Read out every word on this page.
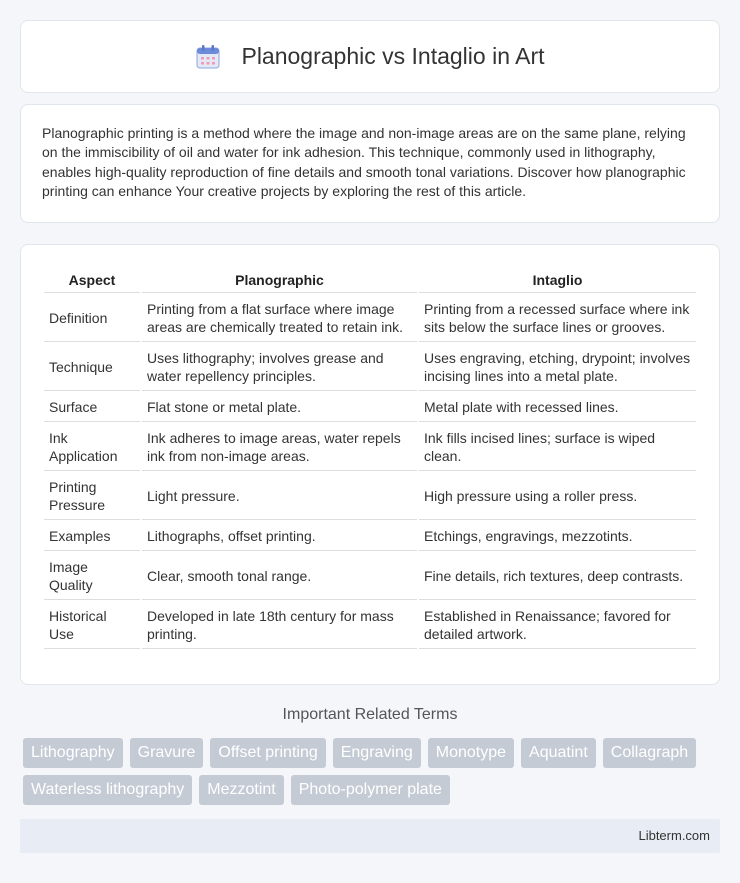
Planographic vs Intaglio in Art

Planographic printing is a method where the image and non-image areas are on the same plane, relying on the immiscibility of oil and water for ink adhesion. This technique, commonly used in lithography, enables high-quality reproduction of fine details and smooth tonal variations. Discover how planographic printing can enhance Your creative projects by exploring the rest of this article.

Aspect	Planographic	Intaglio
Definition	Printing from a flat surface where image areas are chemically treated to retain ink.	Printing from a recessed surface where ink sits below the surface lines or grooves.
Technique	Uses lithography; involves grease and water repellency principles.	Uses engraving, etching, drypoint; involves incising lines into a metal plate.
Surface	Flat stone or metal plate.	Metal plate with recessed lines.
Ink Application	Ink adheres to image areas, water repels ink from non-image areas.	Ink fills incised lines; surface is wiped clean.
Printing Pressure	Light pressure.	High pressure using a roller press.
Examples	Lithographs, offset printing.	Etchings, engravings, mezzotints.
Image Quality	Clear, smooth tonal range.	Fine details, rich textures, deep contrasts.
Historical Use	Developed in late 18th century for mass printing.	Established in Renaissance; favored for detailed artwork.
Important Related Terms
Lithography	Gravure	Offset printing	Engraving	Monotype	Aquatint	Collagraph
Waterless lithography	Mezzotint	Photo-polymer plate
Libterm.com
